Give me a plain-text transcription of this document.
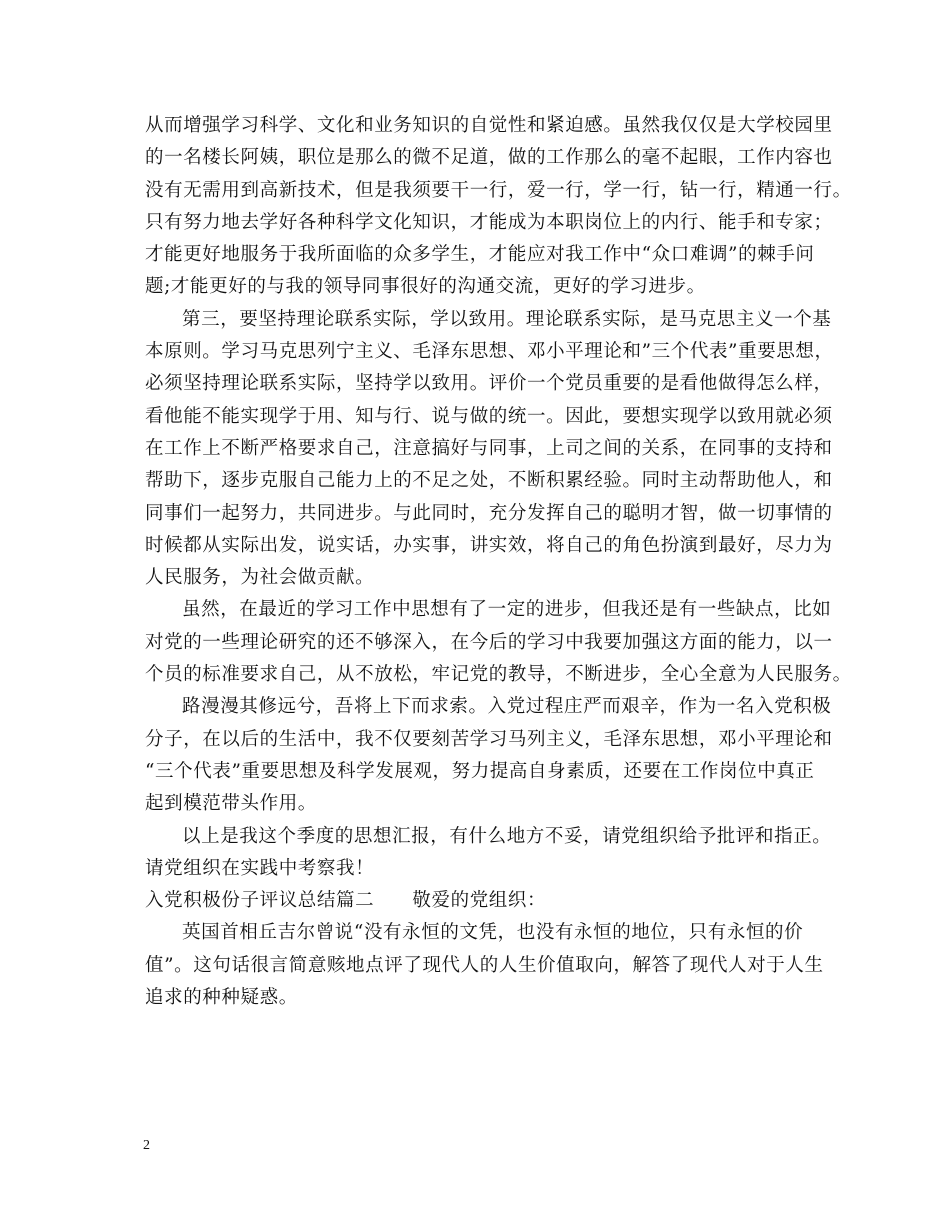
从而增强学习科学、文化和业务知识的自觉性和紧迫感。虽然我仅仅是大学校园里
的一名楼长阿姨，职位是那么的微不足道，做的工作那么的毫不起眼，工作内容也
没有无需用到高新技术，但是我须要干一行，爱一行，学一行，钻一行，精通一行。
只有努力地去学好各种科学文化知识，才能成为本职岗位上的内行、能手和专家；
才能更好地服务于我所面临的众多学生，才能应对我工作中“众口难调”的棘手问
题;才能更好的与我的领导同事很好的沟通交流，更好的学习进步。
第三，要坚持理论联系实际，学以致用。理论联系实际，是马克思主义一个基
本原则。学习马克思列宁主义、毛泽东思想、邓小平理论和”三个代表”重要思想，
必须坚持理论联系实际，坚持学以致用。评价一个党员重要的是看他做得怎么样，
看他能不能实现学于用、知与行、说与做的统一。因此，要想实现学以致用就必须
在工作上不断严格要求自己，注意搞好与同事，上司之间的关系，在同事的支持和
帮助下，逐步克服自己能力上的不足之处，不断积累经验。同时主动帮助他人，和
同事们一起努力，共同进步。与此同时，充分发挥自己的聪明才智，做一切事情的
时候都从实际出发，说实话，办实事，讲实效，将自己的角色扮演到最好，尽力为
人民服务，为社会做贡献。
虽然，在最近的学习工作中思想有了一定的进步，但我还是有一些缺点，比如
对党的一些理论研究的还不够深入，在今后的学习中我要加强这方面的能力，以一
个员的标准要求自己，从不放松，牢记党的教导，不断进步，全心全意为人民服务。
路漫漫其修远兮，吾将上下而求索。入党过程庄严而艰辛，作为一名入党积极
分子，在以后的生活中，我不仅要刻苦学习马列主义，毛泽东思想，邓小平理论和
“三个代表”重要思想及科学发展观，努力提高自身素质，还要在工作岗位中真正
起到模范带头作用。
以上是我这个季度的思想汇报，有什么地方不妥，请党组织给予批评和指正。
请党组织在实践中考察我！
入党积极份子评议总结篇二　　敬爱的党组织：
英国首相丘吉尔曾说“没有永恒的文凭，也没有永恒的地位，只有永恒的价
值”。这句话很言简意赅地点评了现代人的人生价值取向，解答了现代人对于人生
追求的种种疑惑。
2
